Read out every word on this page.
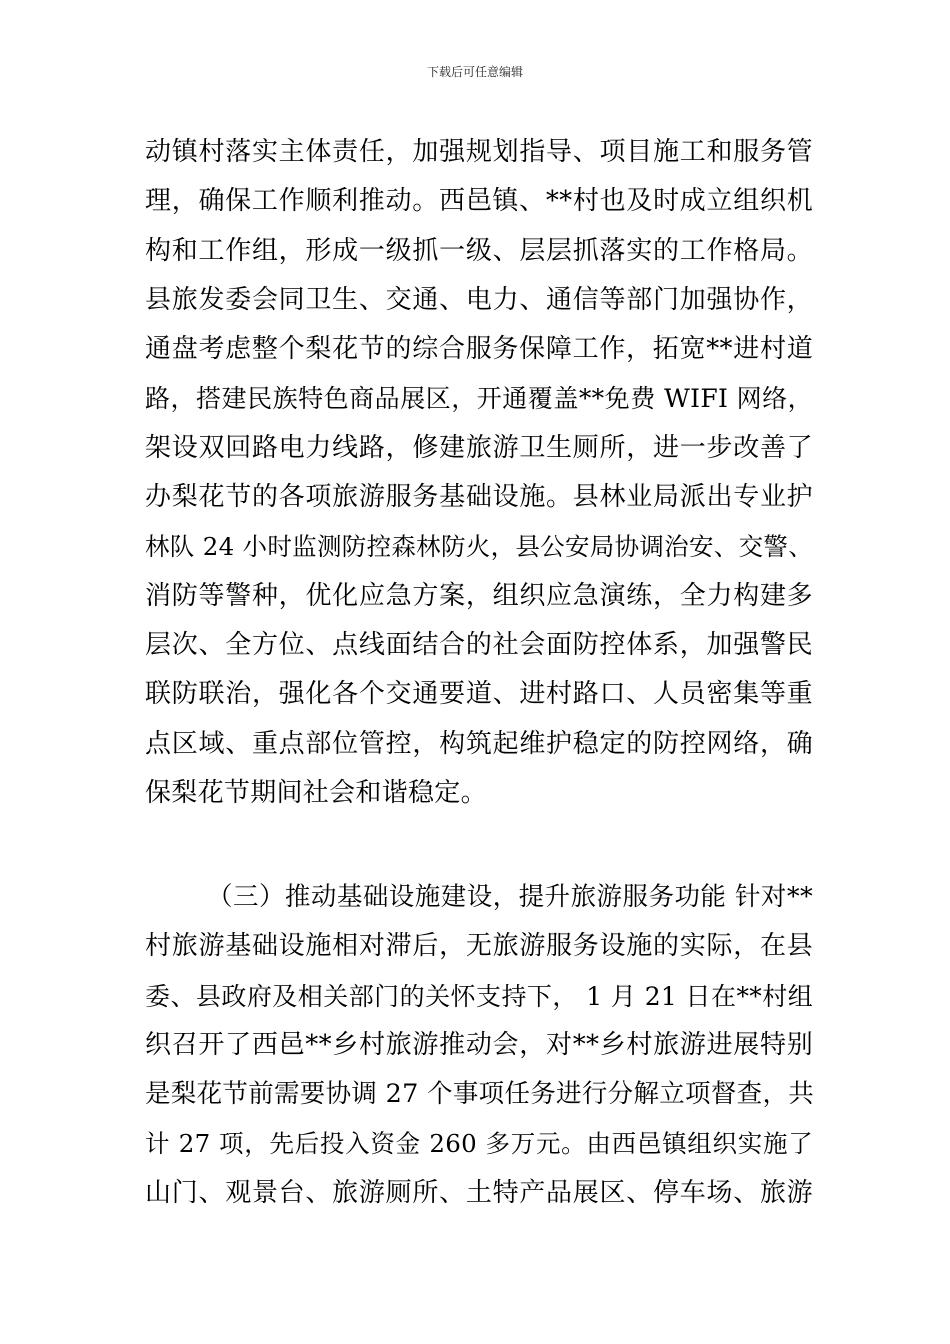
下载后可任意编辑
动镇村落实主体责任，加强规划指导、项目施工和服务管
理，确保工作顺利推动。西邑镇、**村也及时成立组织机
构和工作组，形成一级抓一级、层层抓落实的工作格局。
县旅发委会同卫生、交通、电力、通信等部门加强协作，
通盘考虑整个梨花节的综合服务保障工作，拓宽**进村道
路，搭建民族特色商品展区，开通覆盖**免费 WIFI 网络，
架设双回路电力线路，修建旅游卫生厕所，进一步改善了
办梨花节的各项旅游服务基础设施。县林业局派出专业护
林队 24 小时监测防控森林防火，县公安局协调治安、交警、
消防等警种，优化应急方案，组织应急演练，全力构建多
层次、全方位、点线面结合的社会面防控体系，加强警民
联防联治，强化各个交通要道、进村路口、人员密集等重
点区域、重点部位管控，构筑起维护稳定的防控网络，确
保梨花节期间社会和谐稳定。
（三）推动基础设施建设，提升旅游服务功能 针对**
村旅游基础设施相对滞后，无旅游服务设施的实际，在县
委、县政府及相关部门的关怀支持下， 1 月 21 日在**村组
织召开了西邑**乡村旅游推动会，对**乡村旅游进展特别
是梨花节前需要协调 27 个事项任务进行分解立项督查，共
计 27 项，先后投入资金 260 多万元。由西邑镇组织实施了
山门、观景台、旅游厕所、土特产品展区、停车场、旅游
